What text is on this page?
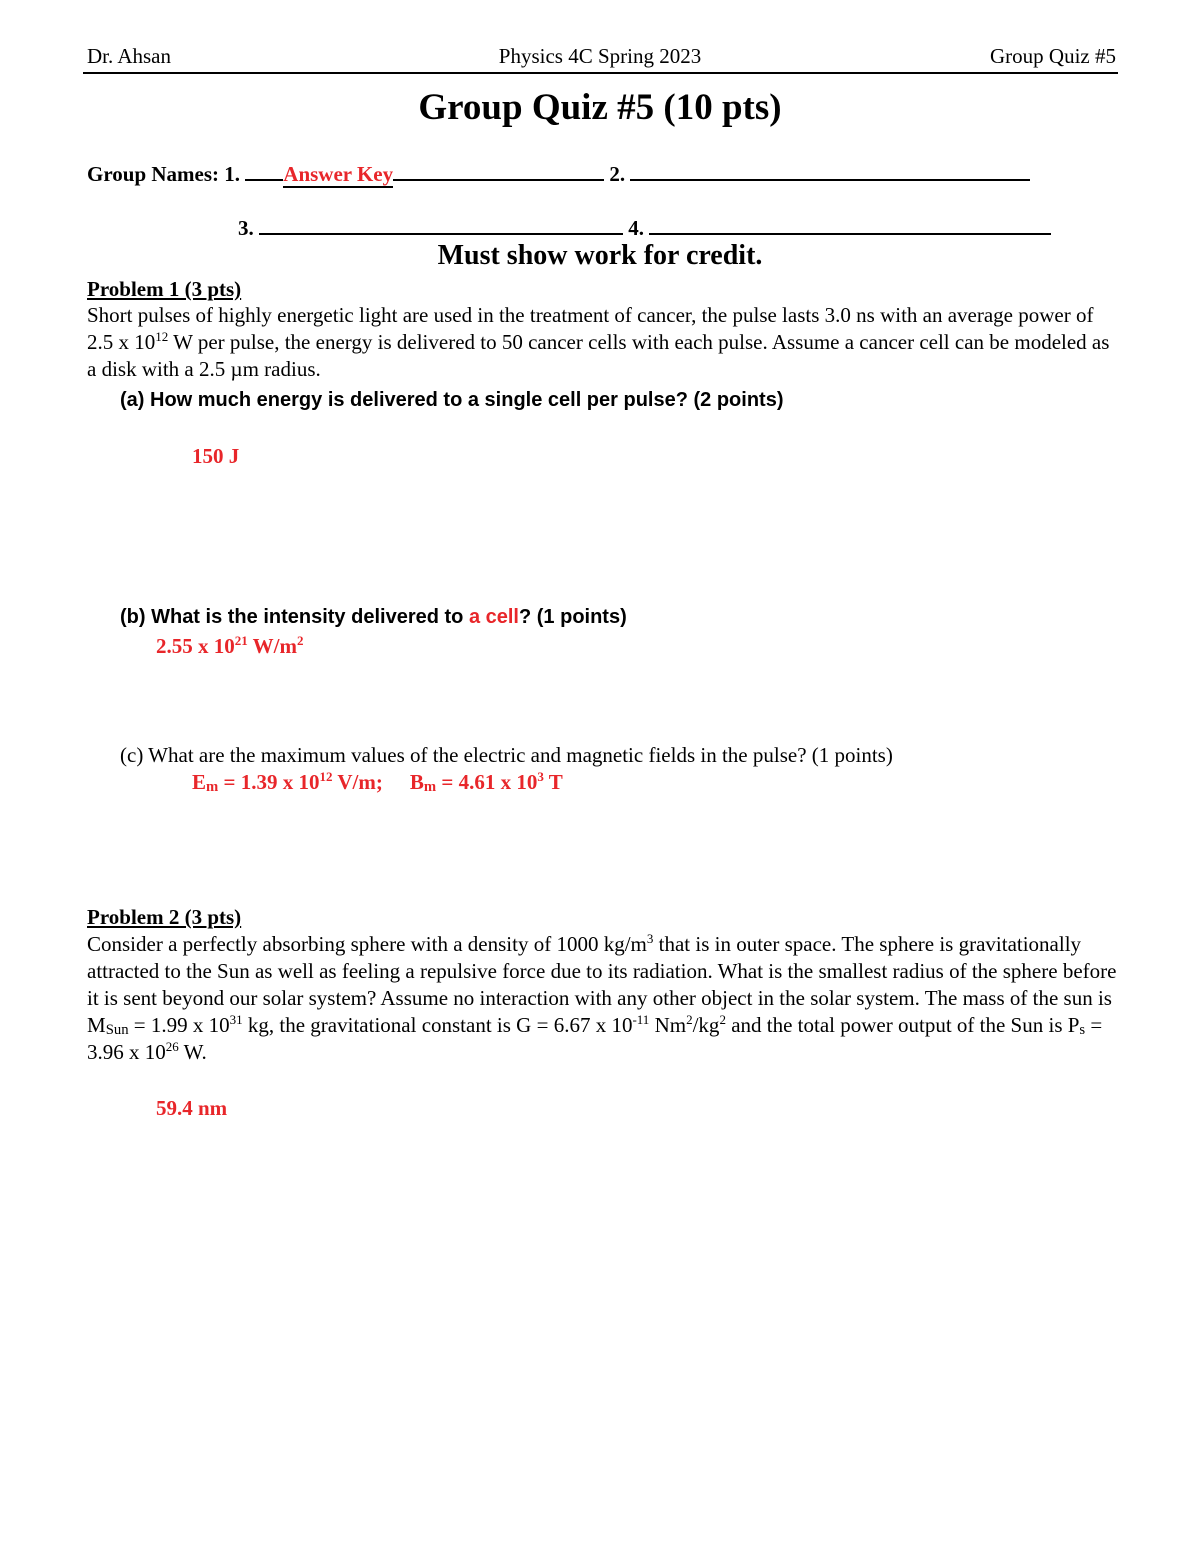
Dr. Ahsan	Physics 4C Spring 2023	Group Quiz #5
Group Quiz #5 (10 pts)
Group Names: 1. Answer Key	2.
3.	4.
Must show work for credit.
Problem 1 (3 pts)
Short pulses of highly energetic light are used in the treatment of cancer, the pulse lasts 3.0 ns with an average power of 2.5 x $10^{12}$ W per pulse, the energy is delivered to 50 cancer cells with each pulse. Assume a cancer cell can be modeled as a disk with a 2.5 µm radius.
(a) How much energy is delivered to a single cell per pulse? (2 points)
150 J
(b) What is the intensity delivered to a cell? (1 points)
2.55 x $10^{21}$ $W/m^2$
(c) What are the maximum values of the electric and magnetic fields in the pulse? (1 points)
$E_m = 1.39$ x $10^{12}$ V/m; $B_m = 4.61$ x $10^3$ T
Problem 2 (3 pts)
Consider a perfectly absorbing sphere with a density of 1000 $kg/m^3$ that is in outer space. The sphere is gravitationally attracted to the Sun as well as feeling a repulsive force due to its radiation. What is the smallest radius of the sphere before it is sent beyond our solar system? Assume no interaction with any other object in the solar system. The mass of the sun is $M_{Sun} = 1.99$ x $10^{31}$ kg, the gravitational constant is G = 6.67 x $10^{-11}$ $Nm^2/kg^2$ and the total power output of the Sun is $P_s = 3.96$ x $10^{26}$ W.
59.4 nm
